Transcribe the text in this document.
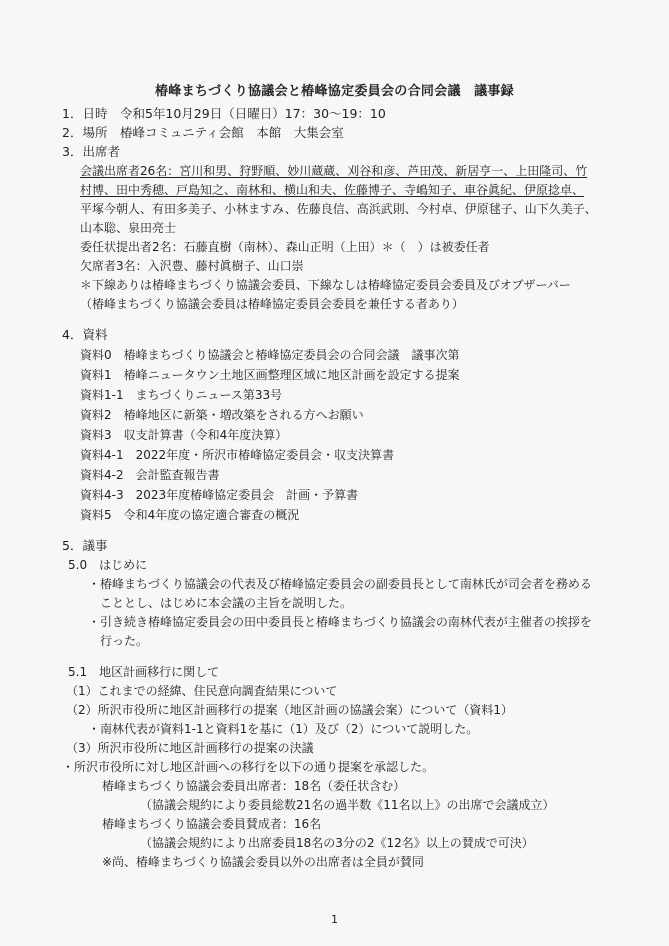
椿峰まちづくり協議会と椿峰協定委員会の合同会議　議事録
1．日時　令和5年10月29日（日曜日）17：30～19：10
2．場所　椿峰コミュニティ会館　本館　大集会室
3．出席者
会議出席者26名：宮川和男、狩野順、妙川蔵蔵、刈谷和彦、芦田茂、新居亨一、上田隆司、竹
村博、田中秀穂、戸島知之、南林和、横山和夫、佐藤博子、寺嶋知子、車谷眞紀、伊原捻卓、
平塚今朝人、有田多美子、小林ますみ、佐藤良信、高浜武則、今村卓、伊原毬子、山下久美子、
山本聡、泉田亮士
委任状提出者2名：石藤直樹（南林）、森山正明（上田）＊（　）は被委任者
欠席者3名：入沢豊、藤村眞樹子、山口崇
＊下線ありは椿峰まちづくり協議会委員、下線なしは椿峰協定委員会委員及びオブザーバー
（椿峰まちづくり協議会委員は椿峰協定委員会委員を兼任する者あり）
4．資料
資料0　椿峰まちづくり協議会と椿峰協定委員会の合同会議　議事次第
資料1　椿峰ニュータウン土地区画整理区域に地区計画を設定する提案
資料1-1　まちづくりニュース第33号
資料2　椿峰地区に新築・増改築をされる方へお願い
資料3　収支計算書（令和4年度決算）
資料4-1　2022年度・所沢市椿峰協定委員会・収支決算書
資料4-2　会計監査報告書
資料4-3　2023年度椿峰協定委員会　計画・予算書
資料5　令和4年度の協定適合審査の概況
5．議事
5.0　はじめに
・椿峰まちづくり協議会の代表及び椿峰協定委員会の副委員長として南林氏が司会者を務める
　こととし、はじめに本会議の主旨を説明した。
・引き続き椿峰協定委員会の田中委員長と椿峰まちづくり協議会の南林代表が主催者の挨拶を
　行った。
5.1　地区計画移行に関して
（1）これまでの経緯、住民意向調査結果について
（2）所沢市役所に地区計画移行の提案（地区計画の協議会案）について（資料1）
・南林代表が資料1-1と資料1を基に（1）及び（2）について説明した。
（3）所沢市役所に地区計画移行の提案の決議
・所沢市役所に対し地区計画への移行を以下の通り提案を承認した。
椿峰まちづくり協議会委員出席者：18名（委任状含む）
（協議会規約により委員総数21名の過半数《11名以上》の出席で会議成立）
椿峰まちづくり協議会委員賛成者：16名
（協議会規約により出席委員18名の3分の2《12名》以上の賛成で可決）
※尚、椿峰まちづくり協議会委員以外の出席者は全員が賛同
1
